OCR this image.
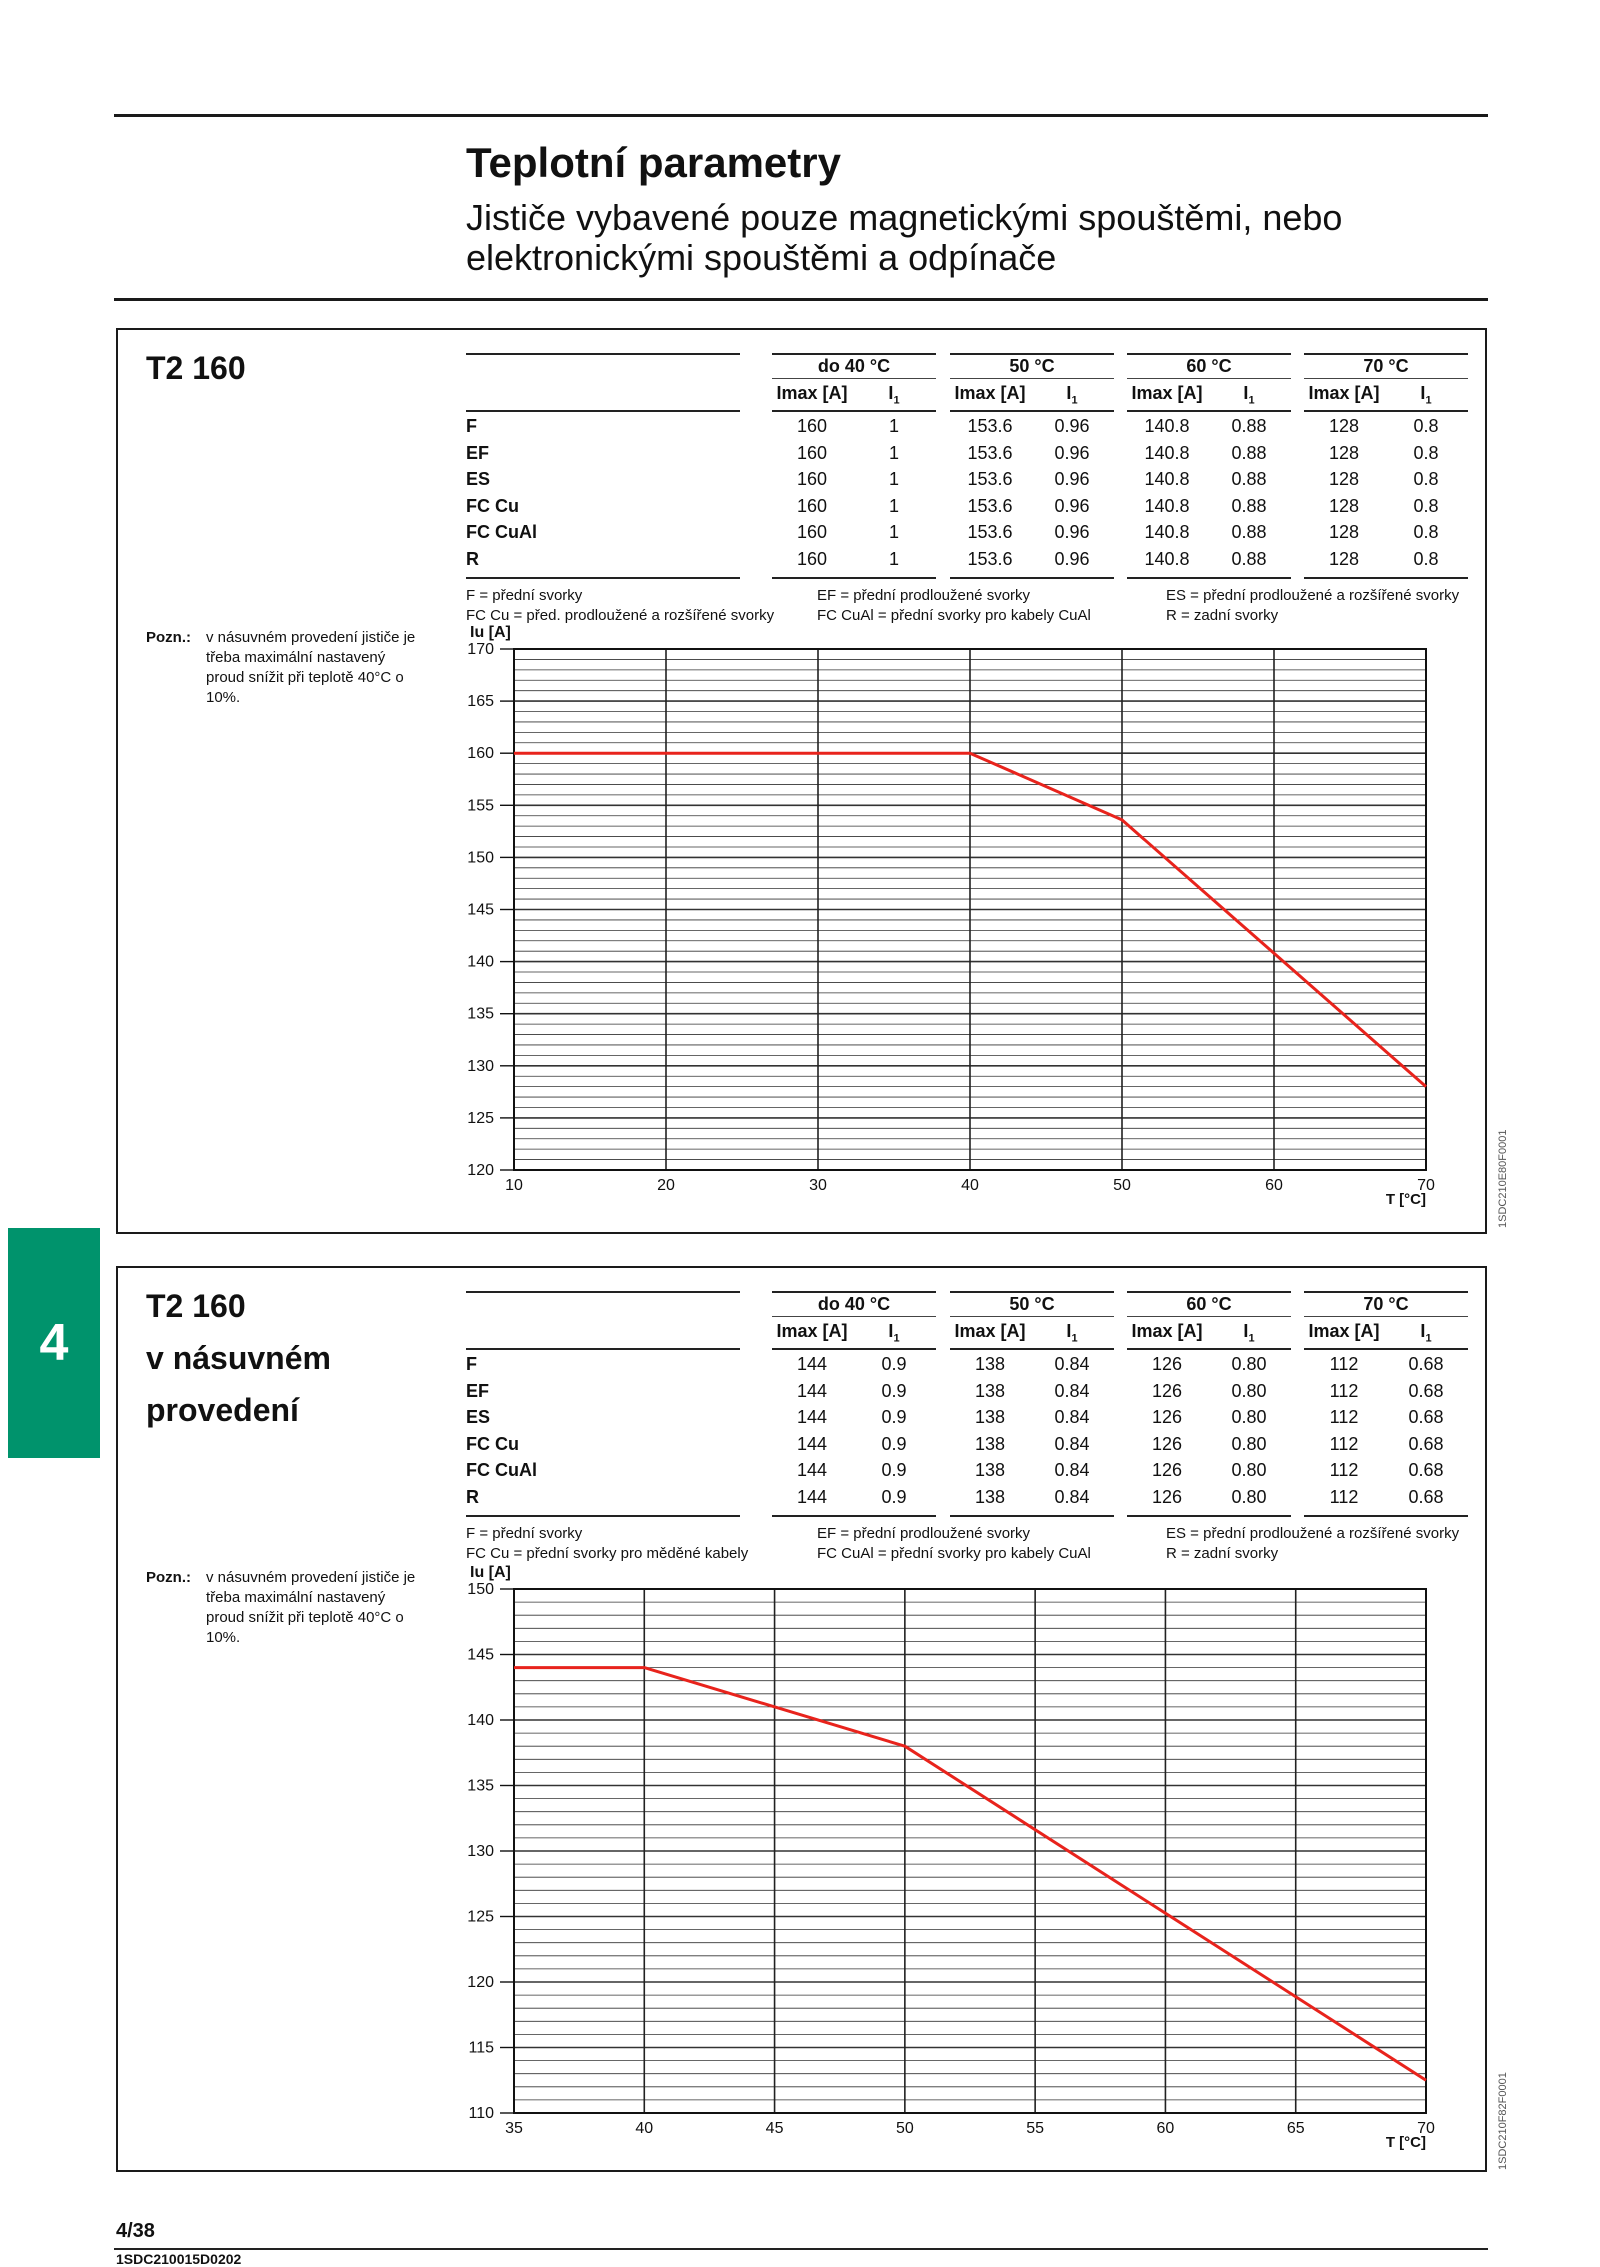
Teplotní parametry
Jističe vybavené pouze magnetickými spouštěmi, nebo
elektronickými spouštěmi a odpínače
4
T2 160
Pozn.: v násuvném provedení jističe je třeba maximální nastavený proud snížit při teplotě 40°C o 10%.
do 40 °C
Imax [A]	$I_1$
50 °C
Imax [A]	$I_1$
60 °C
Imax [A]	$I_1$
70 °C
Imax [A]	$I_1$
F	160	1	153.6	0.96	140.8	0.88	128	0.8
EF	160	1	153.6	0.96	140.8	0.88	128	0.8
ES	160	1	153.6	0.96	140.8	0.88	128	0.8
FC Cu	160	1	153.6	0.96	140.8	0.88	128	0.8
FC CuAl	160	1	153.6	0.96	140.8	0.88	128	0.8
R	160	1	153.6	0.96	140.8	0.88	128	0.8
F = přední svorky
FC Cu = před. prodloužené a rozšířené svorky
EF = přední prodloužené svorky
FC CuAl = přední svorky pro kabely CuAl
ES = přední prodloužené a rozšířené svorky
R = zadní svorky
1SDC210E80F0001
120
125
130
135
140
145
150
155
160
165
170
10	20	30	40	50	60	70
Iu [A]
T [°C]
T2 160
v násuvném
provedení
Pozn.: v násuvném provedení jističe je třeba maximální nastavený proud snížit při teplotě 40°C o 10%.
do 40 °C
Imax [A]	$I_1$
50 °C
Imax [A]	$I_1$
60 °C
Imax [A]	$I_1$
70 °C
Imax [A]	$I_1$
F	144	0.9	138	0.84	126	0.80	112	0.68
EF	144	0.9	138	0.84	126	0.80	112	0.68
ES	144	0.9	138	0.84	126	0.80	112	0.68
FC Cu	144	0.9	138	0.84	126	0.80	112	0.68
FC CuAl	144	0.9	138	0.84	126	0.80	112	0.68
R	144	0.9	138	0.84	126	0.80	112	0.68
F = přední svorky
FC Cu = přední svorky pro měděné kabely
EF = přední prodloužené svorky
FC CuAl = přední svorky pro kabely CuAl
ES = přední prodloužené a rozšířené svorky
R = zadní svorky
1SDC210F82F0001
110
115
120
125
130
135
140
145
150
35	40	45	50	55	60	65	70
Iu [A]
T [°C]
4/38
1SDC210015D0202
